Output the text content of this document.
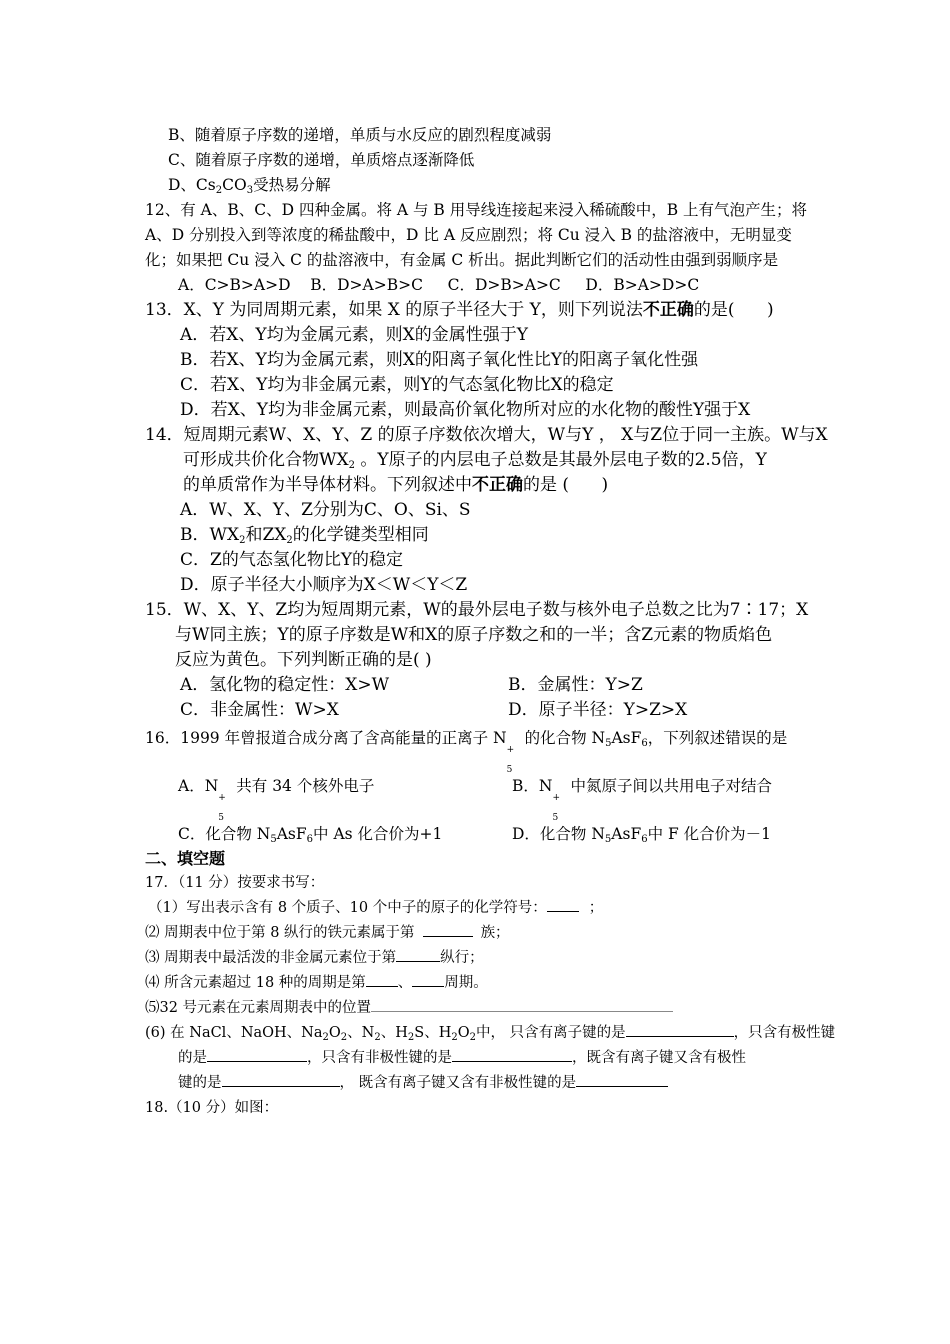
B、随着原子序数的递增，单质与水反应的剧烈程度减弱
C、随着原子序数的递增，单质熔点逐渐降低
D、$Cs_2CO_3$受热易分解
12、有 A、B、C、D 四种金属。将 A 与 B 用导线连接起来浸入稀硫酸中，B 上有气泡产生；将
A、D 分别投入到等浓度的稀盐酸中，D 比 A 反应剧烈；将 Cu 浸入 B 的盐溶液中，无明显变
化；如果把 Cu 浸入 C 的盐溶液中，有金属 C 析出。据此判断它们的活动性由强到弱顺序是
A．C>B>A>D    B．D>A>B>C     C．D>B>A>C     D．B>A>D>C
13．X、Y 为同周期元素，如果 X 的原子半径大于 Y，则下列说法不正确的是(      )
A．若X、Y均为金属元素，则X的金属性强于Y
B．若X、Y均为金属元素，则X的阳离子氧化性比Y的阳离子氧化性强
C．若X、Y均为非金属元素，则Y的气态氢化物比X的稳定
D．若X、Y均为非金属元素，则最高价氧化物所对应的水化物的酸性Y强于X
14．短周期元素W、X、Y、Z 的原子序数依次增大，W与Y ， X与Z位于同一主族。W与X
可形成共价化合物$WX_2$ 。Y原子的内层电子总数是其最外层电子数的2.5倍，Y
的单质常作为半导体材料。下列叙述中不正确的是 (      )
A．W、X、Y、Z分别为C、O、Si、S
B．$WX_2$和$ZX_2$的化学键类型相同
C．Z的气态氢化物比Y的稳定
D．原子半径大小顺序为X＜W＜Y＜Z
15．W、X、Y、Z均为短周期元素，W的最外层电子数与核外电子总数之比为7∶17；X
与W同主族；Y的原子序数是W和X的原子序数之和的一半；含Z元素的物质焰色
反应为黄色。下列判断正确的是( )
A．氢化物的稳定性：X>W	B．金属性：Y>Z
C．非金属性：W>X	D．原子半径：Y>Z>X
16．1999 年曾报道合成分离了含高能量的正离子 N
+
5
的化合物 $N_5AsF_6$，下列叙述错误的是
A．N
+
5
共有 34 个核外电子	B．N
+
5
中氮原子间以共用电子对结合
C．化合物 $N_5AsF_6$中 As 化合价为+1	D．化合物 $N_5AsF_6$中 F 化合价为－1
二、填空题
17．（11 分）按要求书写：
（1）写出表示含有 8 个质子、10 个中子的原子的化学符号：	；
⑵ 周期表中位于第 8 纵行的铁元素属于第	族；
⑶ 周期表中最活泼的非金属元素位于第	纵行；
⑷ 所含元素超过 18 种的周期是第 、 周期。
⑸32 号元素在元素周期表中的位置
(6) 在 NaCl、NaOH、$Na_2O_2$、$N_2$、$H_2S$、$H_2O_2$中， 只含有离子键的是	，只含有极性键
的是	，只含有非极性键的是	，既含有离子键又含有极性
键的是	， 既含有离子键又含有非极性键的是
18.（10 分）如图：
